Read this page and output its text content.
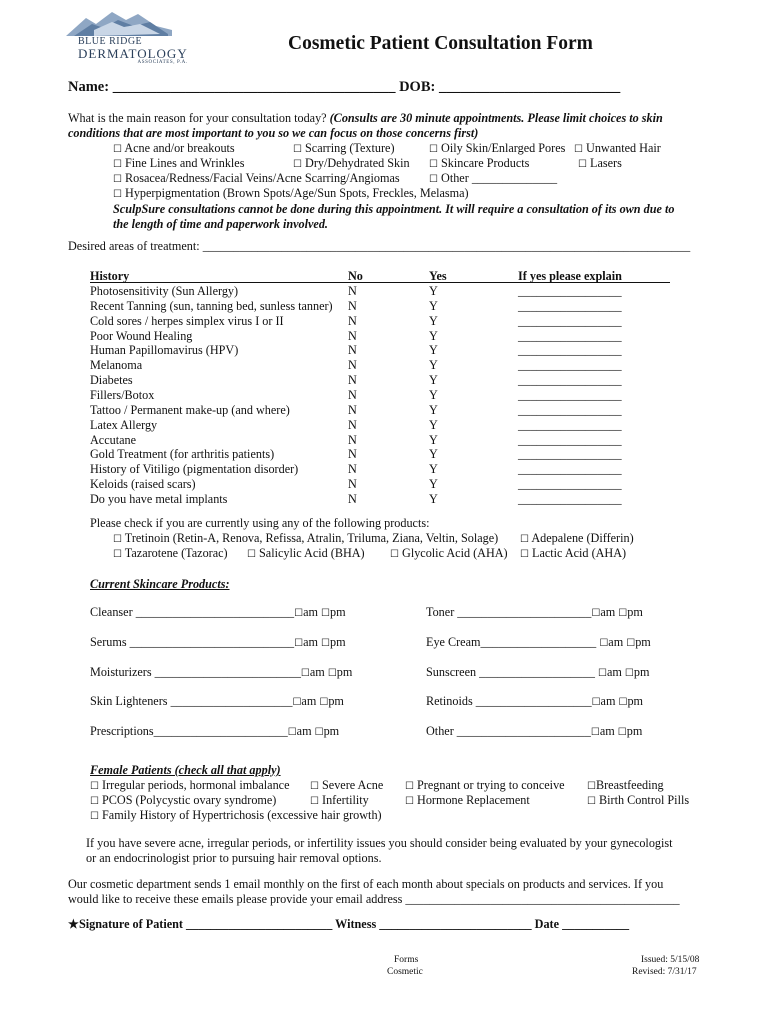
BLUE RIDGE
DERMATOLOGY
ASSOCIATES, P.A.
Cosmetic Patient Consultation Form
Name: _______________________________________ DOB: _________________________
What is the main reason for your consultation today? (Consults are 30 minute appointments. Please limit choices to skin
conditions that are most important to you so we can focus on those concerns first)
☐ Acne and/or breakouts	☐ Scarring (Texture)	☐ Oily Skin/Enlarged Pores ☐ Unwanted Hair
☐ Fine Lines and Wrinkles	☐ Dry/Dehydrated Skin ☐ Skincare Products	☐ Lasers
☐ Rosacea/Redness/Facial Veins/Acne Scarring/Angiomas	☐ Other ______________
☐ Hyperpigmentation (Brown Spots/Age/Sun Spots, Freckles, Melasma)
SculpSure consultations cannot be done during this appointment. It will require a consultation of its own due to
the length of time and paperwork involved.
Desired areas of treatment: ________________________________________________________________________________
History	No	Yes	If yes please explain
Photosensitivity (Sun Allergy)	N	Y	_________________
Recent Tanning (sun, tanning bed, sunless tanner) N	Y	_________________
Cold sores / herpes simplex virus I or II	N	Y	_________________
Poor Wound Healing	N	Y	_________________
Human Papillomavirus (HPV)	N	Y	_________________
Melanoma	N	Y	_________________
Diabetes	N	Y	_________________
Fillers/Botox	N	Y	_________________
Tattoo / Permanent make-up (and where)	N	Y	_________________
Latex Allergy	N	Y	_________________
Accutane	N	Y	_________________
Gold Treatment (for arthritis patients)	N	Y	_________________
History of Vitiligo (pigmentation disorder)	N	Y	_________________
Keloids (raised scars)	N	Y	_________________
Do you have metal implants	N	Y	_________________
Please check if you are currently using any of the following products:
☐ Tretinoin (Retin-A, Renova, Refissa, Atralin, Triluma, Ziana, Veltin, Solage) ☐ Adepalene (Differin)
☐ Tazarotene (Tazorac) ☐ Salicylic Acid (BHA)	☐ Glycolic Acid (AHA) ☐ Lactic Acid (AHA)
Current Skincare Products:
Cleanser __________________________☐am ☐pm
Serums ___________________________☐am ☐pm
Moisturizers ________________________☐am ☐pm
Skin Lighteners ____________________☐am ☐pm
Prescriptions______________________☐am ☐pm
Toner ______________________☐am ☐pm
Eye Cream___________________ ☐am ☐pm
Sunscreen ___________________ ☐am ☐pm
Retinoids ___________________☐am ☐pm
Other ______________________☐am ☐pm
Female Patients (check all that apply)
☐ Irregular periods, hormonal imbalance ☐ Severe Acne ☐ Pregnant or trying to conceive ☐Breastfeeding
☐ PCOS (Polycystic ovary syndrome)	☐ Infertility	☐ Hormone Replacement	☐ Birth Control Pills
☐ Family History of Hypertrichosis (excessive hair growth)
If you have severe acne, irregular periods, or infertility issues you should consider being evaluated by your gynecologist
or an endocrinologist prior to pursuing hair removal options.
Our cosmetic department sends 1 email monthly on the first of each month about specials on products and services. If you
would like to receive these emails please provide your email address _____________________________________________
★Signature of Patient ________________________ Witness _________________________ Date ___________
Forms
Cosmetic
Issued: 5/15/08
Revised: 7/31/17
